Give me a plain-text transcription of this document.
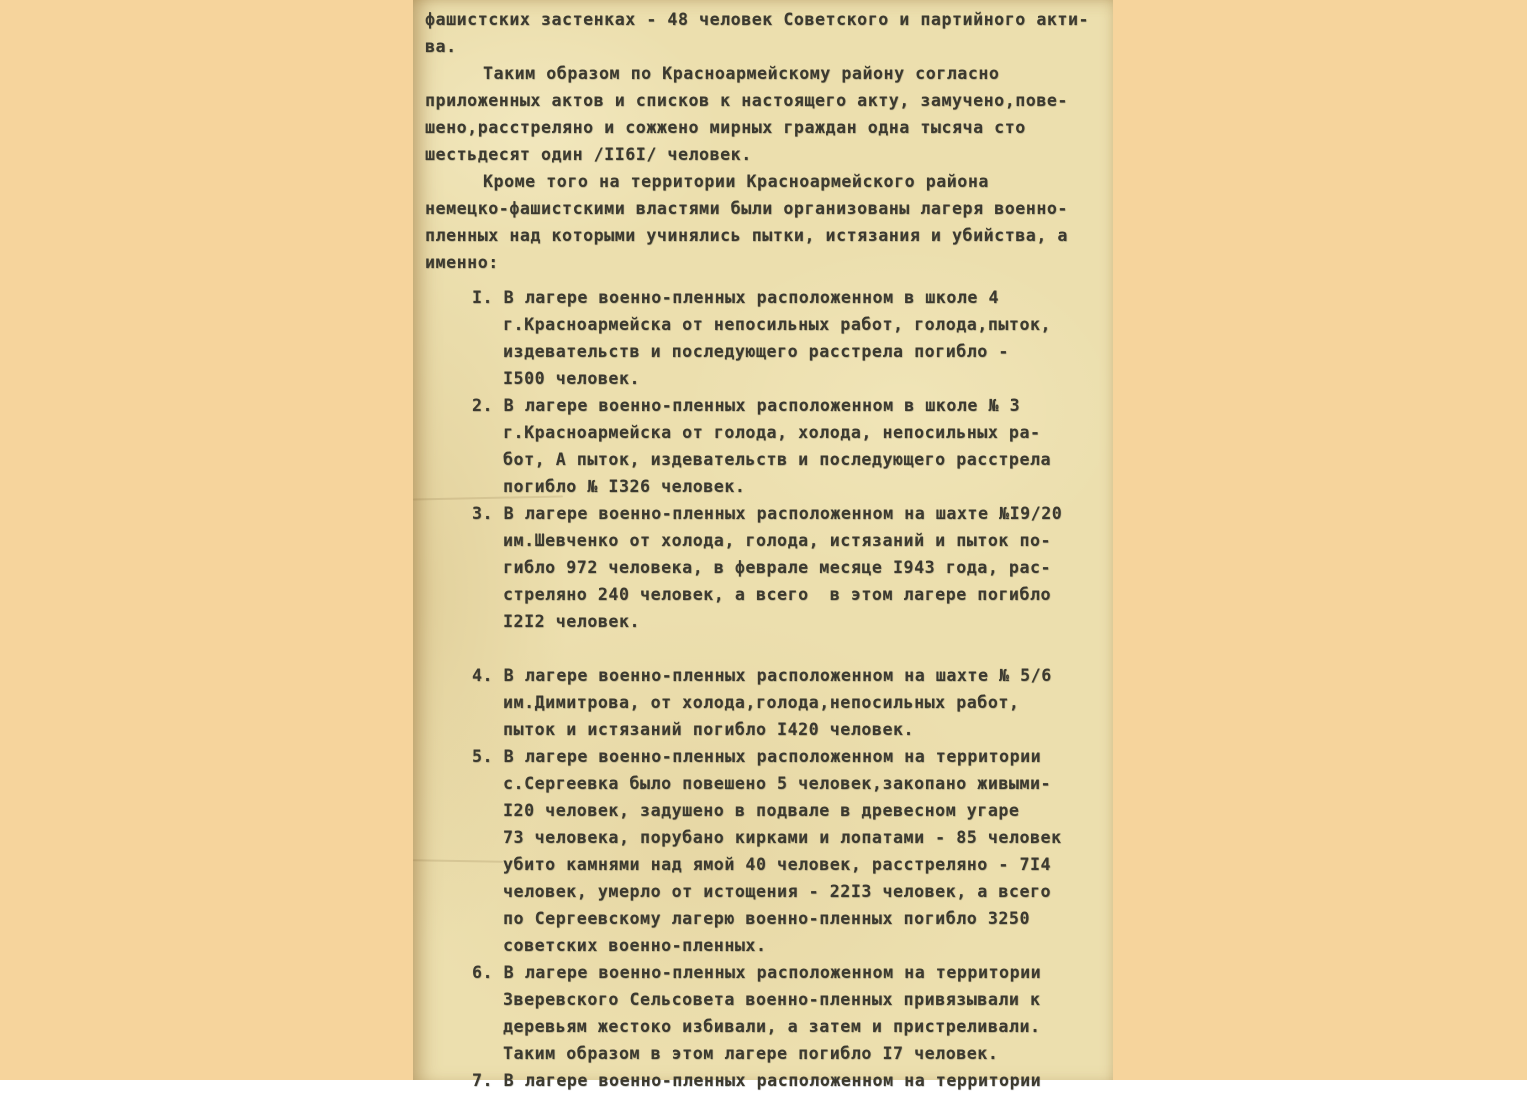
фашистских застенках - 48 человек Советского и партийного акти-
ва.
Таким образом по Красноармейскому району согласно
приложенных актов и списков к настоящего акту, замучено,пове-
шено,расстреляно и сожжено мирных граждан одна тысяча сто
шестьдесят один /II6I/ человек.
Кроме того на территории Красноармейского района
немецко-фашистскими властями были организованы лагеря военно-
пленных над которыми учинялись пытки, истязания и убийства, а
именно:
I. В лагере военно-пленных расположенном в школе 4
г.Красноармейска от непосильных работ, голода,пыток,
издевательств и последующего расстрела погибло -
I500 человек.
2. В лагере военно-пленных расположенном в школе № 3
г.Красноармейска от голода, холода, непосильных ра-
бот, А пыток, издевательств и последующего расстрела
погибло № I326 человек.
3. В лагере военно-пленных расположенном на шахте №I9/20
им.Шевченко от холода, голода, истязаний и пыток по-
гибло 972 человека, в феврале месяце I943 года, рас-
стреляно 240 человек, а всего  в этом лагере погибло
I2I2 человек.
4. В лагере военно-пленных расположенном на шахте № 5/6
им.Димитрова, от холода,голода,непосильных работ,
пыток и истязаний погибло I420 человек.
5. В лагере военно-пленных расположенном на территории
с.Сергеевка было повешено 5 человек,закопано живыми-
I20 человек, задушено в подвале в древесном угаре
73 человека, порубано кирками и лопатами - 85 человек
убито камнями над ямой 40 человек, расстреляно - 7I4
человек, умерло от истощения - 22I3 человек, а всего
по Сергеевскому лагерю военно-пленных погибло 3250
советских военно-пленных.
6. В лагере военно-пленных расположенном на территории
Зверевского Сельсовета военно-пленных привязывали к
деревьям жестоко избивали, а затем и пристреливали.
Таким образом в этом лагере погибло I7 человек.
7. В лагере военно-пленных расположенном на территории
